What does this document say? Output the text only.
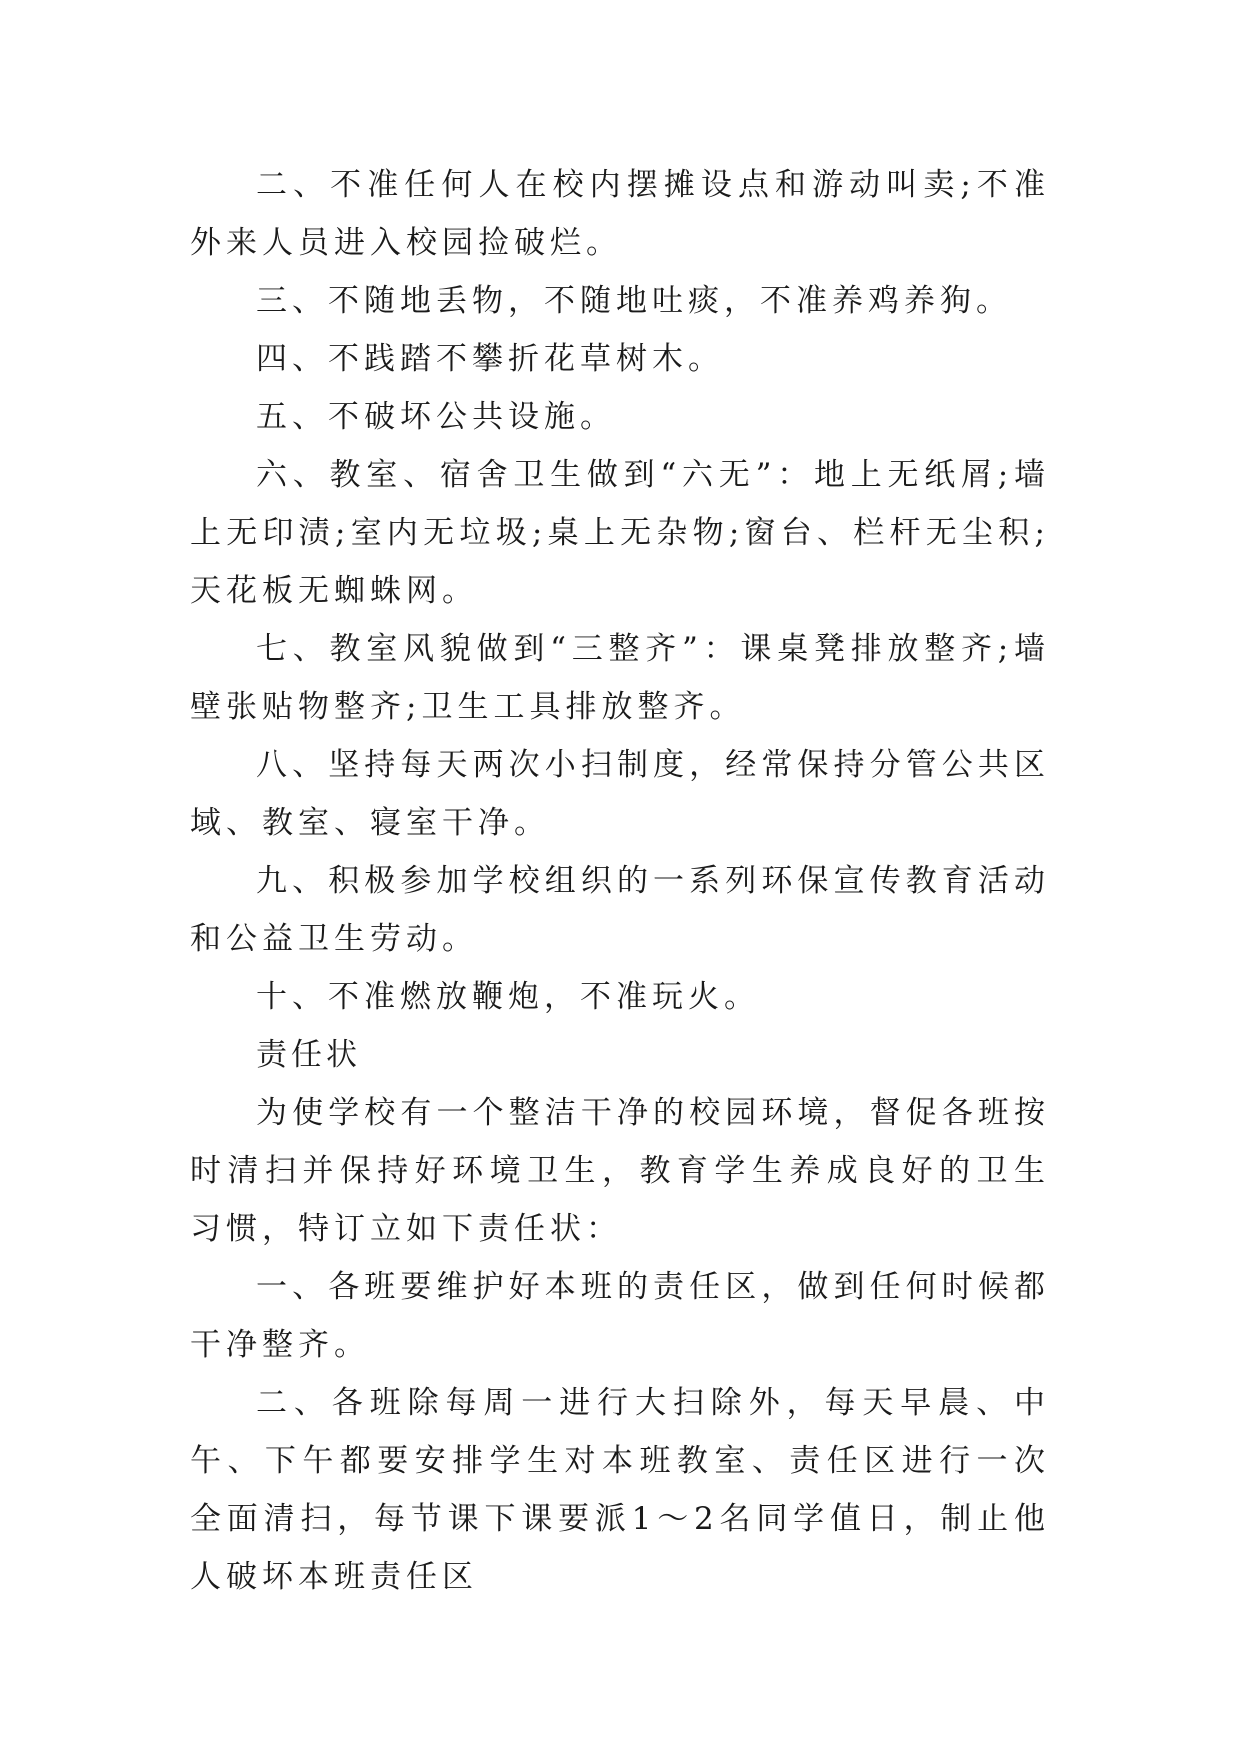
二、不准任何人在校内摆摊设点和游动叫卖;不准外来人员进入校园捡破烂。

三、不随地丢物，不随地吐痰，不准养鸡养狗。

四、不践踏不攀折花草树木。

五、不破坏公共设施。

六、教室、宿舍卫生做到“六无”：地上无纸屑;墙上无印渍;室内无垃圾;桌上无杂物;窗台、栏杆无尘积;天花板无蜘蛛网。

七、教室风貌做到“三整齐”：课桌凳排放整齐;墙壁张贴物整齐;卫生工具排放整齐。

八、坚持每天两次小扫制度，经常保持分管公共区域、教室、寝室干净。

九、积极参加学校组织的一系列环保宣传教育活动和公益卫生劳动。

十、不准燃放鞭炮，不准玩火。

责任状

为使学校有一个整洁干净的校园环境，督促各班按时清扫并保持好环境卫生，教育学生养成良好的卫生习惯，特订立如下责任状：

一、各班要维护好本班的责任区，做到任何时候都干净整齐。

二、各班除每周一进行大扫除外，每天早晨、中午、下午都要安排学生对本班教室、责任区进行一次全面清扫，每节课下课要派1～2名同学值日，制止他人破坏本班责任区
